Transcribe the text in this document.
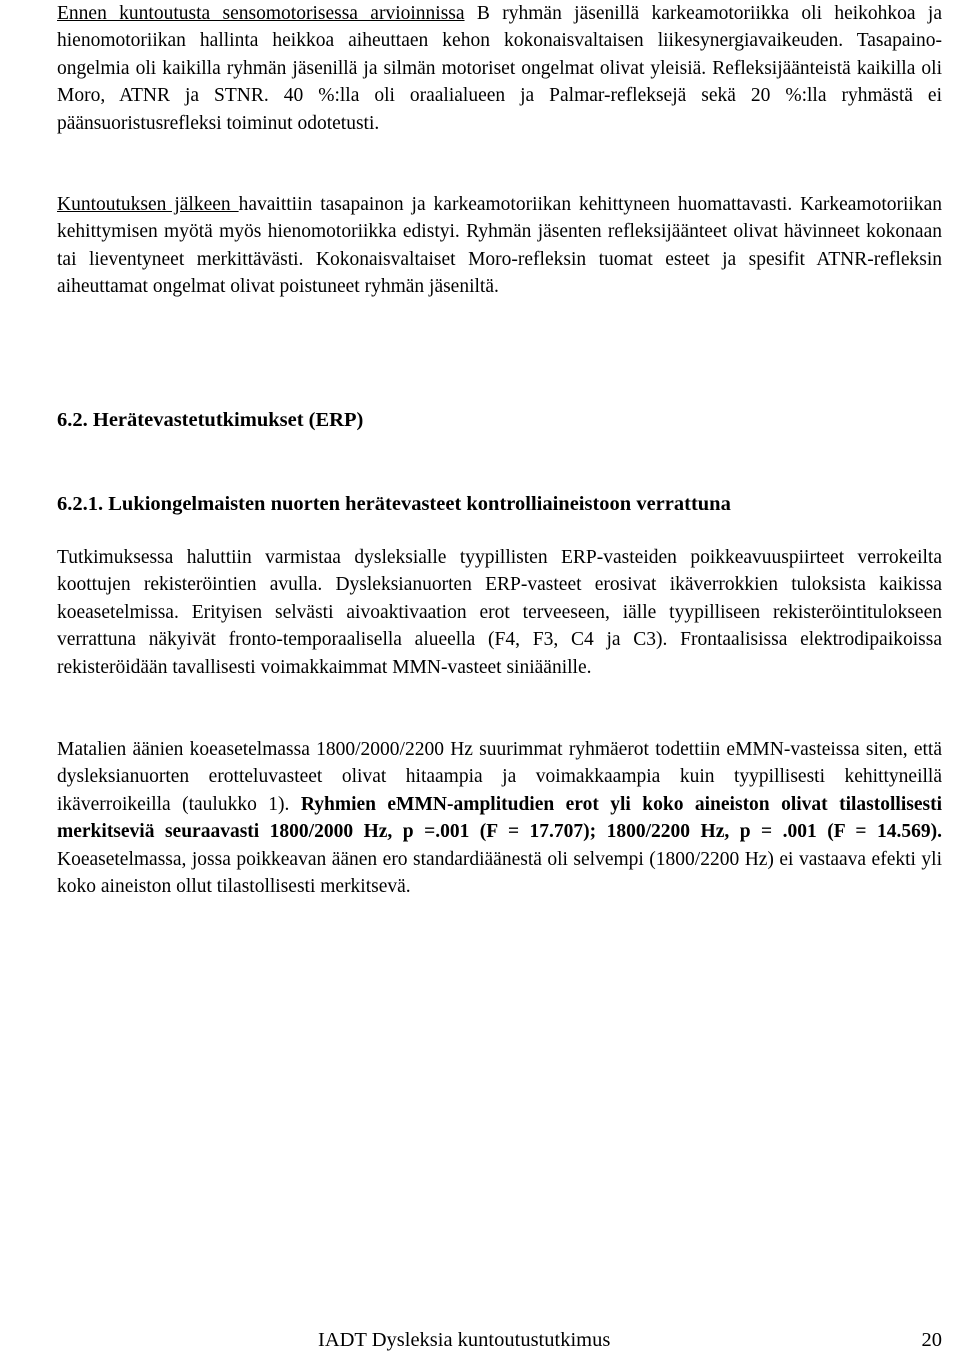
Ennen kuntoutusta sensomotorisessa arvioinnissa B ryhmän jäsenillä karkeamotoriikka oli heikohkoa ja hienomotoriikan hallinta heikkoa aiheuttaen kehon kokonaisvaltaisen liikesynergiavaikeuden. Tasapaino-ongelmia oli kaikilla ryhmän jäsenillä ja silmän motoriset ongelmat olivat yleisiä. Refleksijäänteistä kaikilla oli Moro, ATNR ja STNR. 40 %:lla oli oraalialueen ja Palmar-refleksejä sekä 20 %:lla ryhmästä ei päänsuoristusrefleksi toiminut odotetusti.

Kuntoutuksen jälkeen havaittiin tasapainon ja karkeamotoriikan kehittyneen huomattavasti. Karkeamotoriikan kehittymisen myötä myös hienomotoriikka edistyi. Ryhmän jäsenten refleksijäänteet olivat hävinneet kokonaan tai lieventyneet merkittävästi. Kokonaisvaltaiset Moro-refleksin tuomat esteet ja spesifit ATNR-refleksin aiheuttamat ongelmat olivat poistuneet ryhmän jäseniltä.

6.2. Herätevastetutkimukset (ERP)
6.2.1. Lukiongelmaisten nuorten herätevasteet kontrolliaineistoon verrattuna

Tutkimuksessa haluttiin varmistaa dysleksialle tyypillisten ERP-vasteiden poikkeavuuspiirteet verrokeilta koottujen rekisteröintien avulla. Dysleksianuorten ERP-vasteet erosivat ikäverrokkien tuloksista kaikissa koeasetelmissa. Erityisen selvästi aivoaktivaation erot terveeseen, iälle tyypilliseen rekisteröintitulokseen verrattuna näkyivät fronto-temporaalisella alueella (F4, F3, C4 ja C3). Frontaalisissa elektrodipaikoissa rekisteröidään tavallisesti voimakkaimmat MMN-vasteet siniäänille.

Matalien äänien koeasetelmassa 1800/2000/2200 Hz suurimmat ryhmäerot todettiin eMMN-vasteissa siten, että dysleksianuorten erotteluvasteet olivat hitaampia ja voimakkaampia kuin tyypillisesti kehittyneillä ikäverroikeilla (taulukko 1). Ryhmien eMMN-amplitudien erot yli koko aineiston olivat tilastollisesti merkitseviä seuraavasti 1800/2000 Hz, p =.001 (F = 17.707); 1800/2200 Hz, p = .001 (F = 14.569). Koeasetelmassa, jossa poikkeavan äänen ero standardiäänestä oli selvempi (1800/2200 Hz) ei vastaava efekti yli koko aineiston ollut tilastollisesti merkitsevä.

IADT Dysleksia kuntoutustutkimus	20
